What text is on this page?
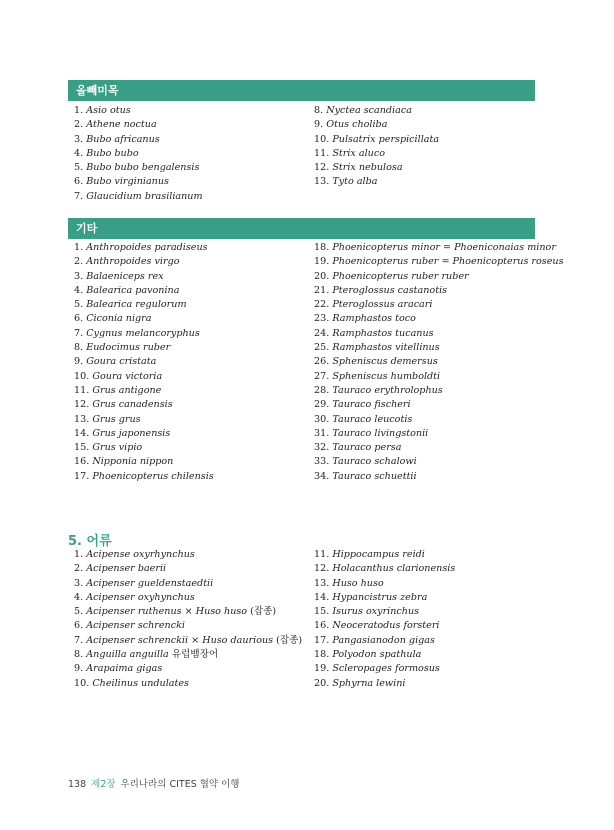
올빼미목
1. Asio otus
2. Athene noctua
3. Bubo africanus
4. Bubo bubo
5. Bubo bubo bengalensis
6. Bubo virginianus
7. Glaucidium brasilianum
8. Nyctea scandiaca
9. Otus choliba
10. Pulsatrix perspicillata
11. Strix aluco
12. Strix nebulosa
13. Tyto alba
기타
1. Anthropoides paradiseus
2. Anthropoides virgo
3. Balaeniceps rex
4. Balearica pavonina
5. Balearica regulorum
6. Ciconia nigra
7. Cygnus melancoryphus
8. Eudocimus ruber
9. Goura cristata
10. Goura victoria
11. Grus antigone
12. Grus canadensis
13. Grus grus
14. Grus japonensis
15. Grus vipio
16. Nipponia nippon
17. Phoenicopterus chilensis
18. Phoenicopterus minor = Phoeniconaias minor
19. Phoenicopterus ruber = Phoenicopterus roseus
20. Phoenicopterus ruber ruber
21. Pteroglossus castanotis
22. Pteroglossus aracari
23. Ramphastos toco
24. Ramphastos tucanus
25. Ramphastos vitellinus
26. Spheniscus demersus
27. Spheniscus humboldti
28. Tauraco erythrolophus
29. Tauraco fischeri
30. Tauraco leucotis
31. Tauraco livingstonii
32. Tauraco persa
33. Tauraco schalowi
34. Tauraco schuettii
5. 어류
1. Acipense oxyrhynchus
2. Acipenser baerii
3. Acipenser gueldenstaedtii
4. Acipenser oxyhynchus
5. Acipenser ruthenus × Huso huso (잡종)
6. Acipenser schrencki
7. Acipenser schrenckii × Huso daurious (잡종)
8. Anguilla anguilla 유럽뱀장어
9. Arapaima gigas
10. Cheilinus undulates
11. Hippocampus reidi
12. Holacanthus clarionensis
13. Huso huso
14. Hypancistrus zebra
15. Isurus oxyrinchus
16. Neoceratodus forsteri
17. Pangasianodon gigas
18. Polyodon spathula
19. Scleropages formosus
20. Sphyrna lewini
138 제2장 우리나라의 CITES 협약 이행
